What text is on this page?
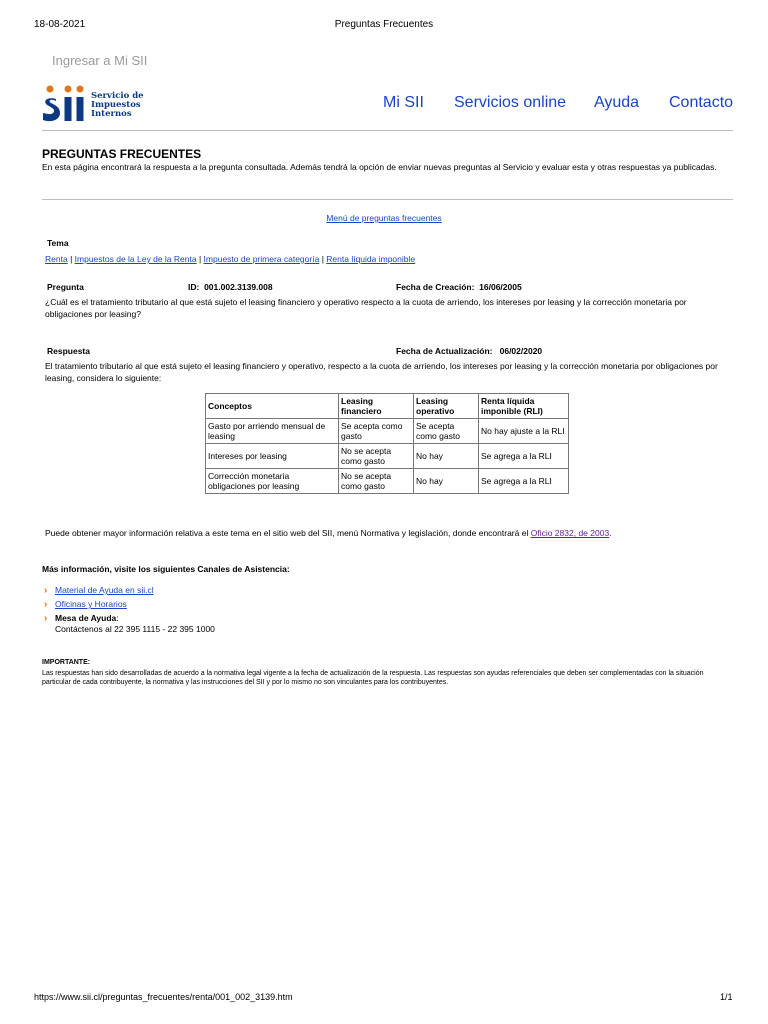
18-08-2021	Preguntas Frecuentes
Ingresar a Mi SII
Servicio de
Impuestos
Internos
Mi SII Servicios online Ayuda Contacto
PREGUNTAS FRECUENTES
En esta página encontrará la respuesta a la pregunta consultada. Además tendrá la opción de enviar nuevas preguntas al Servicio y evaluar esta y otras respuestas ya publicadas.
Menú de preguntas frecuentes
Tema
Renta | Impuestos de la Ley de la Renta | Impuesto de primera categoría | Renta líquida imponible
Pregunta	ID: 001.002.3139.008	Fecha de Creación: 16/06/2005
¿Cuál es el tratamiento tributario al que está sujeto el leasing financiero y operativo respecto a la cuota de arriendo, los intereses por leasing y la corrección monetaria por obligaciones por leasing?
Respuesta	Fecha de Actualización: 06/02/2020
El tratamiento tributario al que está sujeto el leasing financiero y operativo, respecto a la cuota de arriendo, los intereses por leasing y la corrección monetaria por obligaciones por leasing, considera lo siguiente:
Conceptos	Leasing financiero	Leasing operativo	Renta líquida imponible (RLI)
Gasto por arriendo mensual de leasing	Se acepta como gasto	Se acepta como gasto	No hay ajuste a la RLI
Intereses por leasing	No se acepta como gasto	No hay	Se agrega a la RLI
Corrección monetaria obligaciones por leasing	No se acepta como gasto	No hay	Se agrega a la RLI
Puede obtener mayor información relativa a este tema en el sitio web del SII, menú Normativa y legislación, donde encontrará el Oficio 2832, de 2003.
Más información, visite los siguientes Canales de Asistencia:
› Material de Ayuda en sii.cl
› Oficinas y Horarios
› Mesa de Ayuda:
Contáctenos al 22 395 1115 - 22 395 1000
IMPORTANTE:
Las respuestas han sido desarrolladas de acuerdo a la normativa legal vigente a la fecha de actualización de la respuesta. Las respuestas son ayudas referenciales que deben ser complementadas con la situación particular de cada contribuyente, la normativa y las instrucciones del SII y por lo mismo no son vinculantes para los contribuyentes.
https://www.sii.cl/preguntas_frecuentes/renta/001_002_3139.htm	1/1
